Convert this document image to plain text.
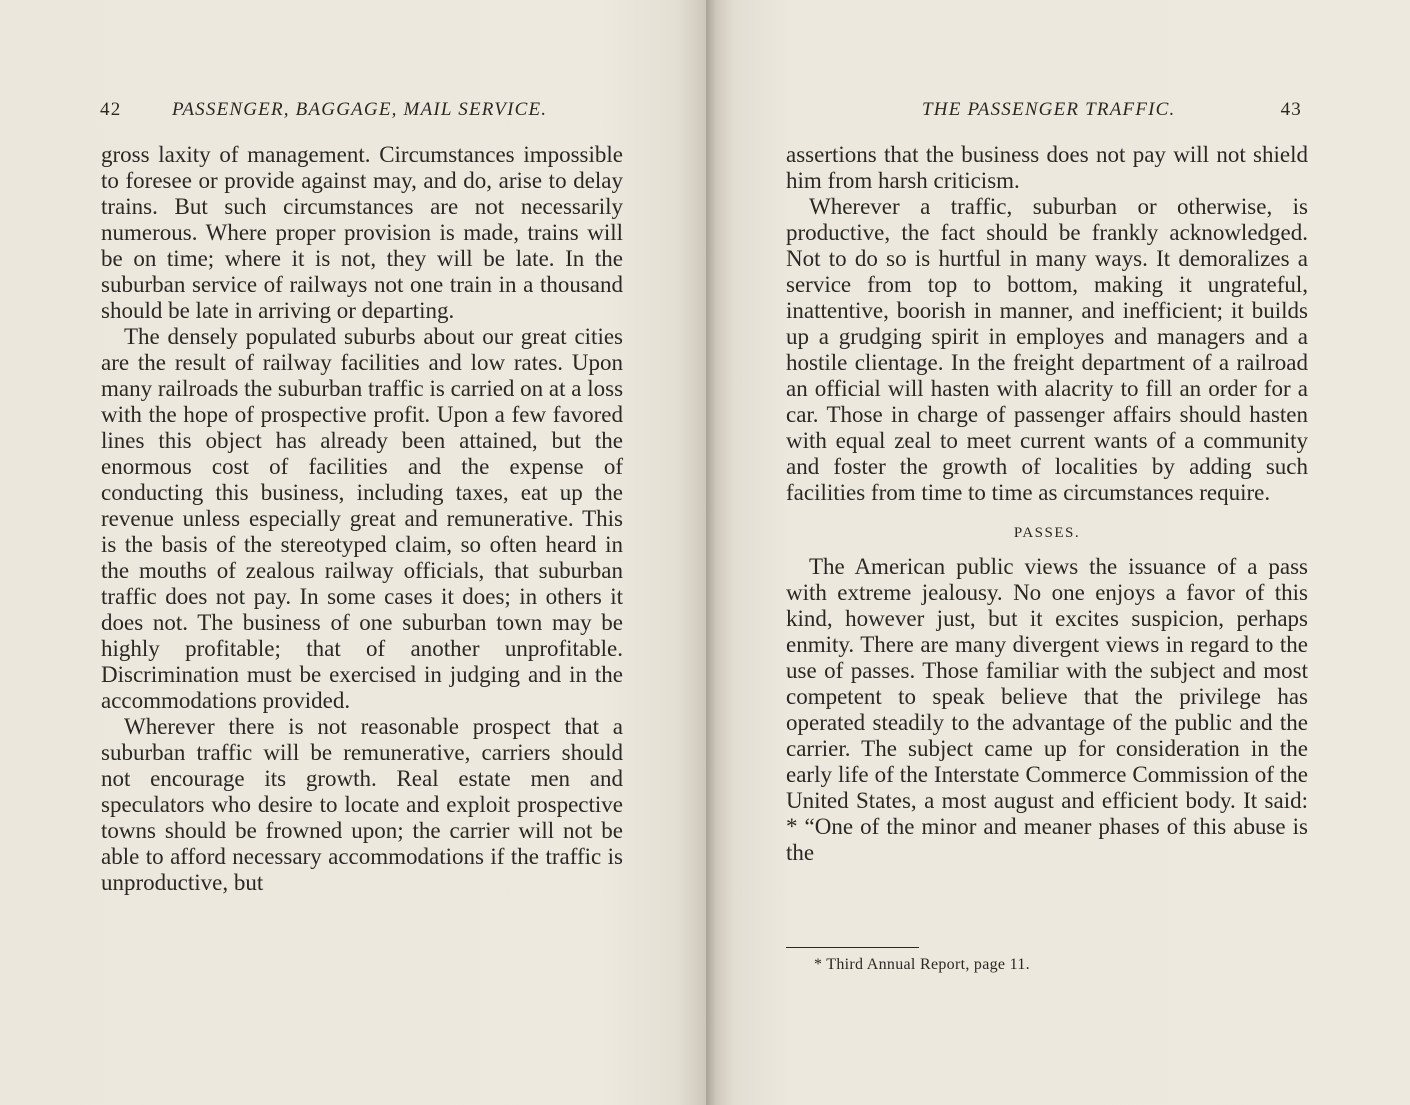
42	PASSENGER, BAGGAGE, MAIL SERVICE.

gross laxity of management. Circumstances impossible to foresee or provide against may, and do, arise to delay trains. But such circumstances are not necessarily numerous. Where proper provision is made, trains will be on time; where it is not, they will be late. In the suburban service of railways not one train in a thousand should be late in arriving or departing.

The densely populated suburbs about our great cities are the result of railway facilities and low rates. Upon many railroads the suburban traffic is carried on at a loss with the hope of prospective profit. Upon a few favored lines this object has already been attained, but the enormous cost of facilities and the expense of conducting this business, including taxes, eat up the revenue unless especially great and remunerative. This is the basis of the stereotyped claim, so often heard in the mouths of zealous railway officials, that suburban traffic does not pay. In some cases it does; in others it does not. The business of one suburban town may be highly profitable; that of another unprofitable. Discrimination must be exercised in judging and in the accommodations provided.

Wherever there is not reasonable prospect that a suburban traffic will be remunerative, carriers should not encourage its growth. Real estate men and speculators who desire to locate and exploit prospective towns should be frowned upon; the carrier will not be able to afford necessary accommodations if the traffic is unproductive, but

THE PASSENGER TRAFFIC.	43

assertions that the business does not pay will not shield him from harsh criticism.

Wherever a traffic, suburban or otherwise, is productive, the fact should be frankly acknowledged. Not to do so is hurtful in many ways. It demoralizes a service from top to bottom, making it ungrateful, inattentive, boorish in manner, and inefficient; it builds up a grudging spirit in employes and managers and a hostile clientage. In the freight department of a railroad an official will hasten with alacrity to fill an order for a car. Those in charge of passenger affairs should hasten with equal zeal to meet current wants of a community and foster the growth of localities by adding such facilities from time to time as circumstances require.

PASSES.

The American public views the issuance of a pass with extreme jealousy. No one enjoys a favor of this kind, however just, but it excites suspicion, perhaps enmity. There are many divergent views in regard to the use of passes. Those familiar with the subject and most competent to speak believe that the privilege has operated steadily to the advantage of the public and the carrier. The subject came up for consideration in the early life of the Interstate Commerce Commission of the United States, a most august and efficient body. It said: * “One of the minor and meaner phases of this abuse is the

* Third Annual Report, page 11.
